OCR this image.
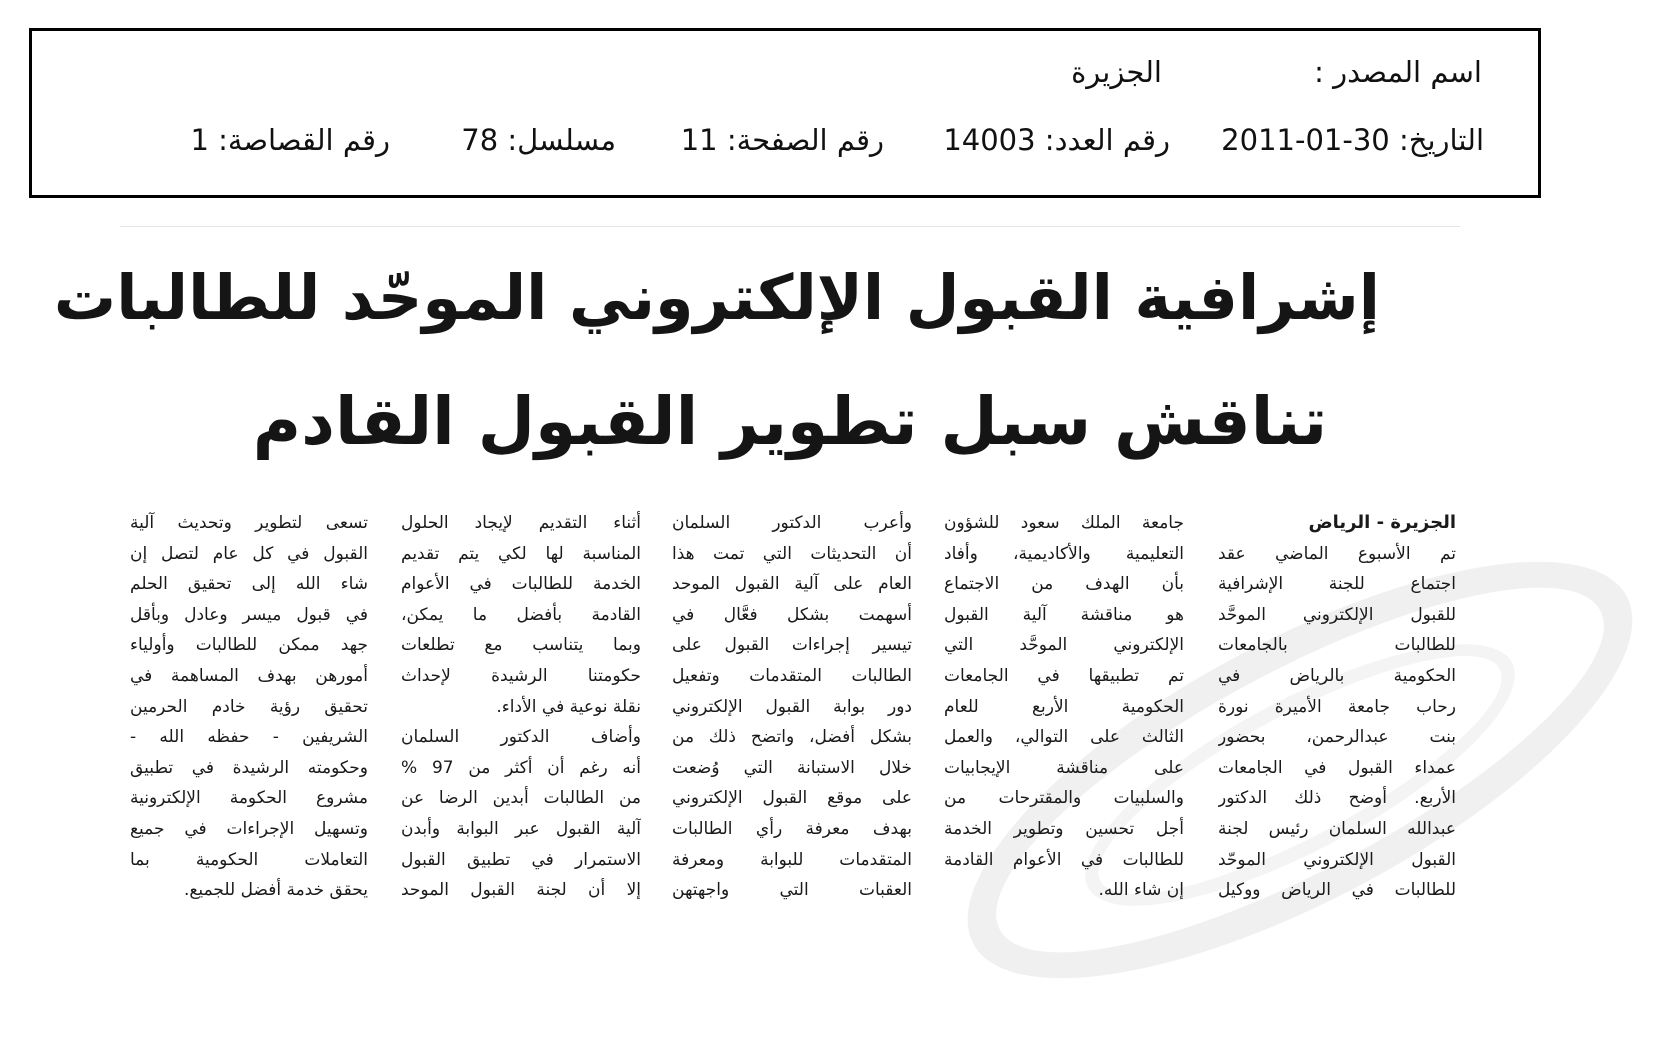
اسم المصدر :
الجزيرة
التاريخ: 30-01-2011
رقم العدد: 14003
رقم الصفحة: 11
مسلسل: 78
رقم القصاصة: 1
إشرافية القبول الإلكتروني الموحّد للطالبات
تناقش سبل تطوير القبول القادم
الجزيرة - الرياض
تم الأسبوع الماضي عقد
اجتماع للجنة الإشرافية
للقبول الإلكتروني الموحَّد
للطالبات بالجامعات
الحكومية بالرياض في
رحاب جامعة الأميرة نورة
بنت عبدالرحمن، بحضور
عمداء القبول في الجامعات
الأربع. أوضح ذلك الدكتور
عبدالله السلمان رئيس لجنة
القبول الإلكتروني الموحّد
للطالبات في الرياض ووكيل
جامعة الملك سعود للشؤون
التعليمية والأكاديمية، وأفاد
بأن الهدف من الاجتماع
هو مناقشة آلية القبول
الإلكتروني الموحَّد التي
تم تطبيقها في الجامعات
الحكومية الأربع للعام
الثالث على التوالي، والعمل
على مناقشة الإيجابيات
والسلبيات والمقترحات من
أجل تحسين وتطوير الخدمة
للطالبات في الأعوام القادمة
إن شاء الله.
وأعرب الدكتور السلمان
أن التحديثات التي تمت هذا
العام على آلية القبول الموحد
أسهمت بشكل فعَّال في
تيسير إجراءات القبول على
الطالبات المتقدمات وتفعيل
دور بوابة القبول الإلكتروني
بشكل أفضل، واتضح ذلك من
خلال الاستبانة التي وُضعت
على موقع القبول الإلكتروني
بهدف معرفة رأي الطالبات
المتقدمات للبوابة ومعرفة
العقبات التي واجهتهن
أثناء التقديم لإيجاد الحلول
المناسبة لها لكي يتم تقديم
الخدمة للطالبات في الأعوام
القادمة بأفضل ما يمكن،
وبما يتناسب مع تطلعات
حكومتنا الرشيدة لإحداث
نقلة نوعية في الأداء.
وأضاف الدكتور السلمان
أنه رغم أن أكثر من 97 %
من الطالبات أبدين الرضا عن
آلية القبول عبر البوابة وأبدن
الاستمرار في تطبيق القبول
إلا أن لجنة القبول الموحد
تسعى لتطوير وتحديث آلية
القبول في كل عام لتصل إن
شاء الله إلى تحقيق الحلم
في قبول ميسر وعادل وبأقل
جهد ممكن للطالبات وأولياء
أمورهن بهدف المساهمة في
تحقيق رؤية خادم الحرمين
الشريفين - حفظه الله -
وحكومته الرشيدة في تطبيق
مشروع الحكومة الإلكترونية
وتسهيل الإجراءات في جميع
التعاملات الحكومية بما
يحقق خدمة أفضل للجميع.
